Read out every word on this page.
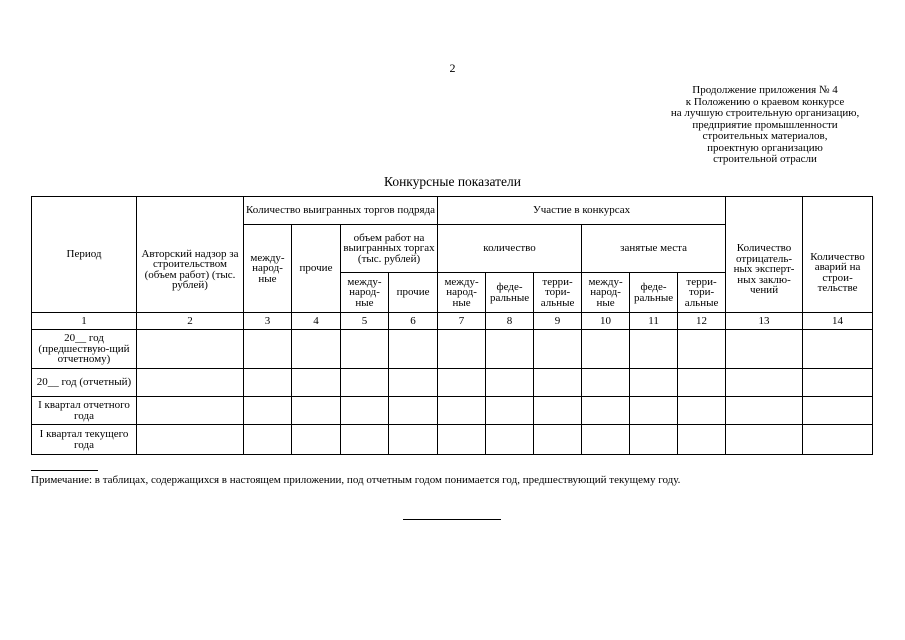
2
Продолжение приложения № 4
к Положению о краевом конкурсе
на лучшую строительную организацию,
предприятие промышленности
строительных материалов,
проектную организацию
строительной отрасли
Конкурсные показатели
Период	Авторский надзор за строительством (объем работ) (тыс. рублей)	Количество выигранных торгов подряда				Участие в конкурсах						Количество отрицатель-ных эксперт-ных заклю-чений	Количество аварий на строи-тельстве
		между-народ-ные	прочие	объем работ на выигранных торгах (тыс. рублей)		количество			занятые места				
				между-народ-ные	прочие	между-народ-ные	феде-ральные	терри-тори-альные	между-народ-ные	феде-ральные	терри-тори-альные		
1	2	3	4	5	6	7	8	9	10	11	12	13	14
20__ год (предшествую-щий отчетному)													
20__ год (отчетный)													
I квартал отчетного года													
I квартал текущего года													
Примечание: в таблицах, содержащихся в настоящем приложении, под отчетным годом понимается год, предшествующий текущему году.
